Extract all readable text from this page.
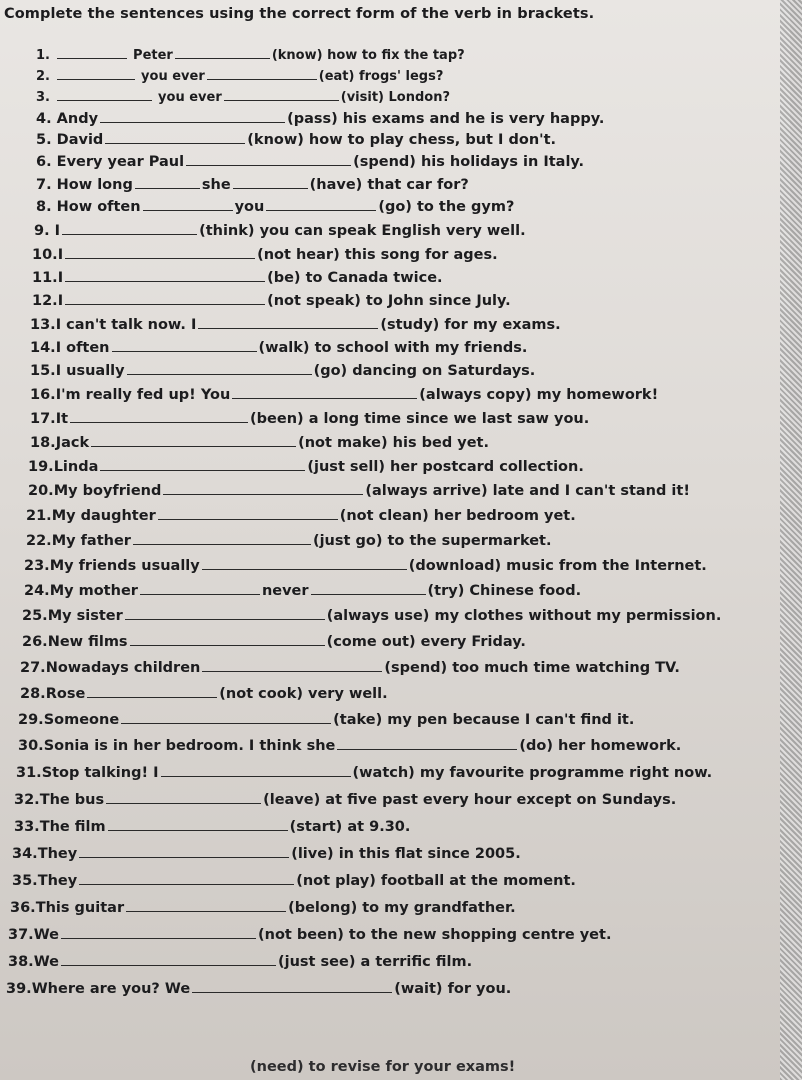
Complete the sentences using the correct form of the verb in brackets.
1.	Peter	(know) how to fix the tap?
2.	you ever	(eat) frogs' legs?
3.	you ever	(visit) London?
4. Andy	(pass) his exams and he is very happy.
5. David	(know) how to play chess, but I don't.
6. Every year Paul	(spend) his holidays in Italy.
7. How long	she	(have) that car for?
8. How often	you	(go) to the gym?
9. I	(think) you can speak English very well.
10.I	(not hear) this song for ages.
11.I	(be) to Canada twice.
12.I	(not speak) to John since July.
13.I can't talk now. I	(study) for my exams.
14.I often	(walk) to school with my friends.
15.I usually	(go) dancing on Saturdays.
16.I'm really fed up! You	(always copy) my homework!
17.It	(been) a long time since we last saw you.
18.Jack	(not make) his bed yet.
19.Linda	(just sell) her postcard collection.
20.My boyfriend	(always arrive) late and I can't stand it!
21.My daughter	(not clean) her bedroom yet.
22.My father	(just go) to the supermarket.
23.My friends usually	(download) music from the Internet.
24.My mother	never	(try) Chinese food.
25.My sister	(always use) my clothes without my permission.
26.New films	(come out) every Friday.
27.Nowadays children	(spend) too much time watching TV.
28.Rose	(not cook) very well.
29.Someone	(take) my pen because I can't find it.
30.Sonia is in her bedroom. I think she	(do) her homework.
31.Stop talking! I	(watch) my favourite programme right now.
32.The bus	(leave) at five past every hour except on Sundays.
33.The film	(start) at 9.30.
34.They	(live) in this flat since 2005.
35.They	(not play) football at the moment.
36.This guitar	(belong) to my grandfather.
37.We	(not been) to the new shopping centre yet.
38.We	(just see) a terrific film.
39.Where are you? We	(wait) for you.
(need) to revise for your exams!
